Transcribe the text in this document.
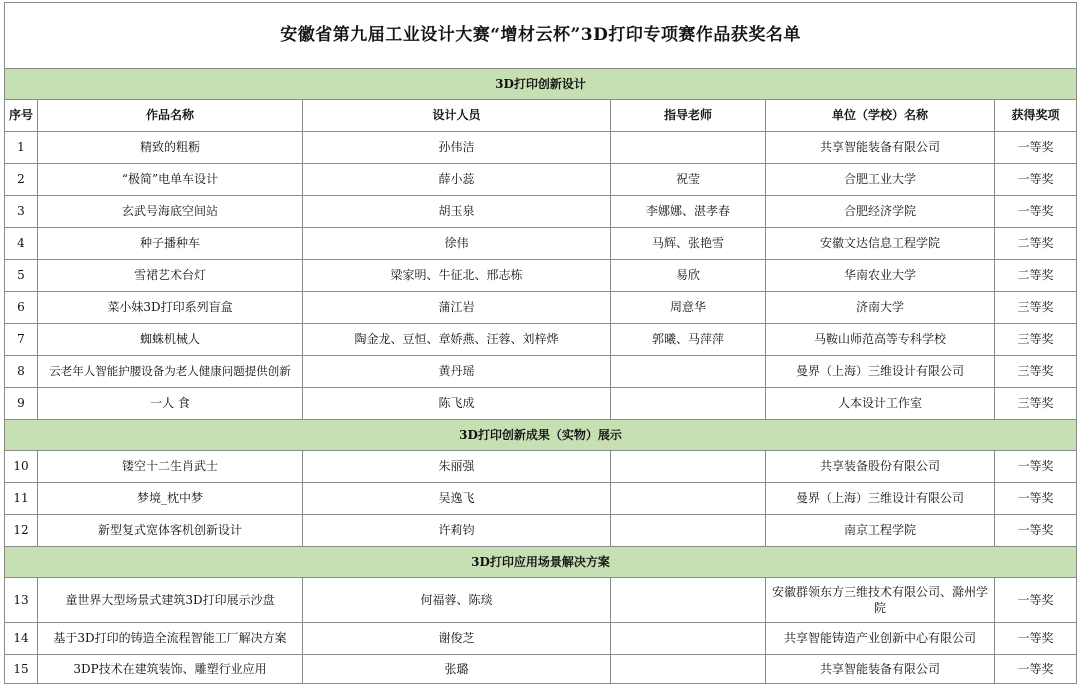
安徽省第九届工业设计大赛“增材云杯”3D打印专项赛作品获奖名单					
3D打印创新设计					
序号	作品名称	设计人员	指导老师	单位（学校）名称	获得奖项
1	精致的粗粝	孙伟洁		共享智能装备有限公司	一等奖
2	“极简”电单车设计	薛小蕊	祝莹	合肥工业大学	一等奖
3	玄武号海底空间站	胡玉泉	李娜娜、湛孝春	合肥经济学院	一等奖
4	种子播种车	徐伟	马辉、张艳雪	安徽文达信息工程学院	二等奖
5	雪裙艺术台灯	梁家明、牛征北、邢志栋	易欣	华南农业大学	二等奖
6	菜小妹3D打印系列盲盒	蒲江岩	周意华	济南大学	三等奖
7	蜘蛛机械人	陶金龙、豆恒、章娇燕、汪蓉、刘梓烨	郭曦、马萍萍	马鞍山师范高等专科学校	三等奖
8	云老年人智能护腰设备为老人健康问题提供创新	黄丹瑶		曼界（上海）三维设计有限公司	三等奖
9	一人 食	陈飞成		人本设计工作室	三等奖
3D打印创新成果（实物）展示					
10	镂空十二生肖武士	朱丽强		共享装备股份有限公司	一等奖
11	梦境_枕中梦	吴逸飞		曼界（上海）三维设计有限公司	一等奖
12	新型复式宽体客机创新设计	许莉钧		南京工程学院	一等奖
3D打印应用场景解决方案					
13	童世界大型场景式建筑3D打印展示沙盘	何福蓉、陈琰		安徽群领东方三维技术有限公司、滁州学院	一等奖
14	基于3D打印的铸造全流程智能工厂解决方案	谢俊芝		共享智能铸造产业创新中心有限公司	一等奖
15	3DP技术在建筑装饰、雕塑行业应用	张璐		共享智能装备有限公司	一等奖
